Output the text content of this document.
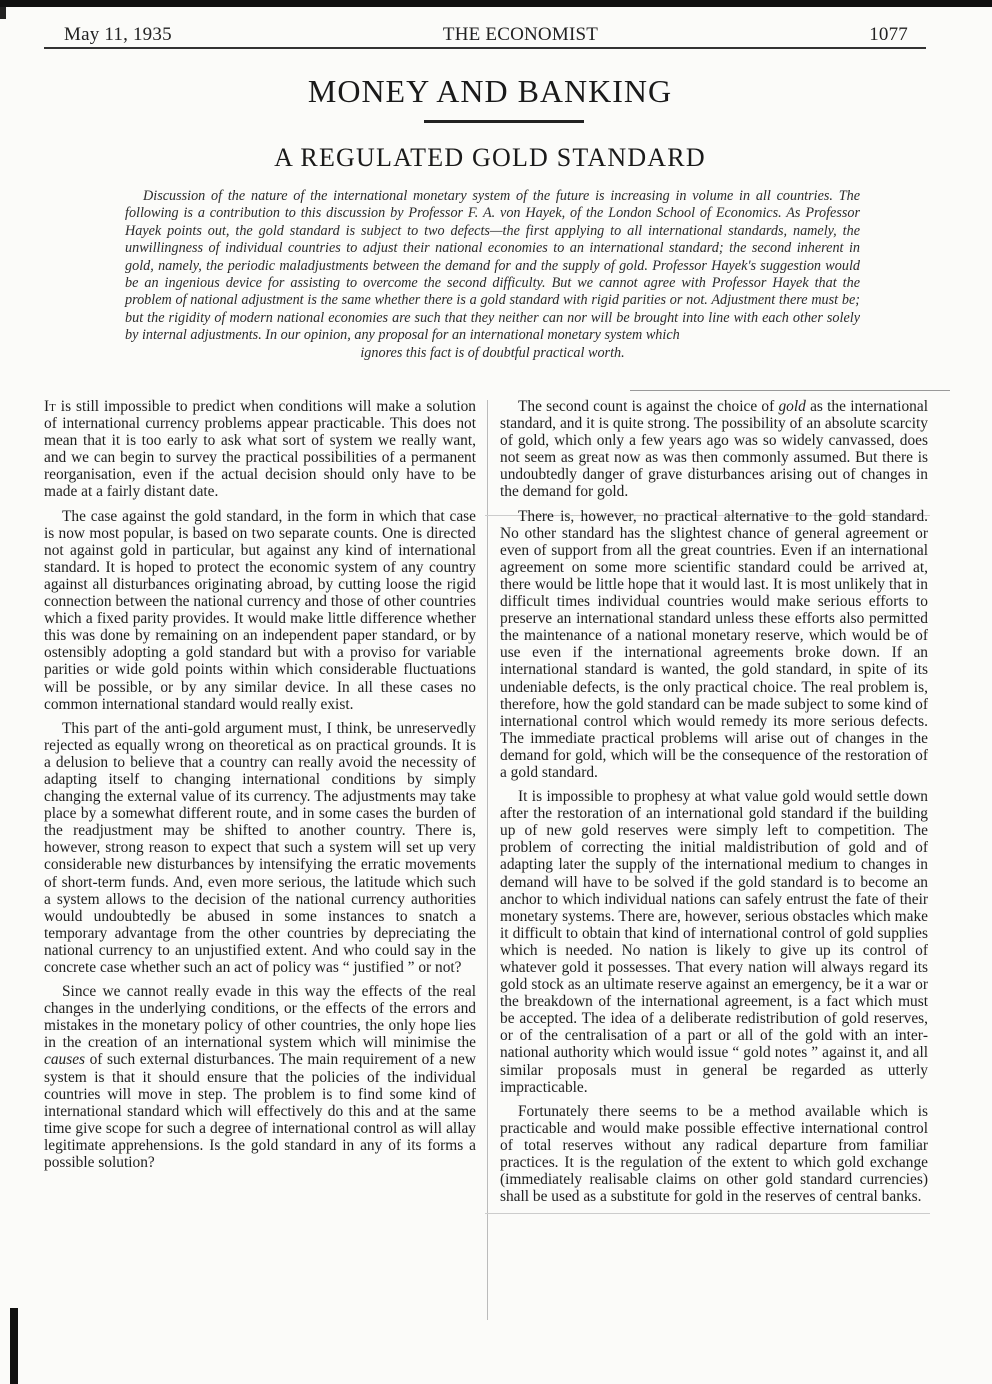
May 11, 1935	THE ECONOMIST	1077
MONEY AND BANKING
A REGULATED GOLD STANDARD
Discussion of the nature of the international monetary system of the future is increasing in volume in all countries. The following is a contribution to this discussion by Professor F. A. von Hayek, of the London School of Economics. As Professor Hayek points out, the gold standard is subject to two defects—the first applying to all international standards, namely, the unwillingness of individual countries to adjust their national economies to an international standard; the second inherent in gold, namely, the periodic maladjustments between the demand for and the supply of gold. Professor Hayek's suggestion would be an ingenious device for assisting to overcome the second difficulty. But we cannot agree with Professor Hayek that the problem of national adjustment is the same whether there is a gold standard with rigid parities or not. Adjustment there must be; but the rigidity of modern national economies are such that they neither can nor will be brought into line with each other solely by internal adjustments. In our opinion, any proposal for an international monetary system which
ignores this fact is of doubtful practical worth.

It is still impossible to predict when conditions will make a solution of international currency problems appear practicable. This does not mean that it is too early to ask what sort of system we really want, and we can begin to survey the practical possibilities of a permanent reorganisation, even if the actual decision should only have to be made at a fairly distant date.

The case against the gold standard, in the form in which that case is now most popular, is based on two separate counts. One is directed not against gold in particular, but against any kind of international standard. It is hoped to protect the economic system of any country against all disturbances originating abroad, by cutting loose the rigid connection between the national currency and those of other countries which a fixed parity provides. It would make little difference whether this was done by remaining on an independent paper standard, or by ostensibly adopting a gold standard but with a proviso for variable parities or wide gold points within which considerable fluctuations will be possible, or by any similar device. In all these cases no common international standard would really exist.

This part of the anti-gold argument must, I think, be unreservedly rejected as equally wrong on theoretical as on practical grounds. It is a delusion to believe that a country can really avoid the necessity of adapting itself to changing international conditions by simply changing the external value of its currency. The adjustments may take place by a somewhat different route, and in some cases the burden of the readjustment may be shifted to another country. There is, however, strong reason to expect that such a system will set up very considerable new disturbances by intensifying the erratic movements of short-term funds. And, even more serious, the latitude which such a system allows to the decision of the national currency authorities would undoubtedly be abused in some instances to snatch a temporary advantage from the other countries by depreciating the national currency to an unjustified extent. And who could say in the concrete case whether such an act of policy was “ justified ” or not?

Since we cannot really evade in this way the effects of the real changes in the underlying conditions, or the effects of the errors and mistakes in the monetary policy of other countries, the only hope lies in the creation of an international system which will minimise the causes of such external disturbances. The main requirement of a new system is that it should ensure that the policies of the individual countries will move in step. The problem is to find some kind of international standard which will effectively do this and at the same time give scope for such a degree of international control as will allay legitimate apprehensions. Is the gold standard in any of its forms a possible solution?

The second count is against the choice of gold as the international standard, and it is quite strong. The possibility of an absolute scarcity of gold, which only a few years ago was so widely canvassed, does not seem as great now as was then commonly assumed. But there is undoubtedly danger of grave disturbances arising out of changes in the demand for gold.

There is, however, no practical alternative to the gold standard. No other standard has the slightest chance of general agreement or even of support from all the great countries. Even if an international agreement on some more scientific standard could be arrived at, there would be little hope that it would last. It is most unlikely that in difficult times individual countries would make serious efforts to preserve an international standard unless these efforts also permitted the maintenance of a national monetary reserve, which would be of use even if the international agreements broke down. If an international standard is wanted, the gold standard, in spite of its undeniable defects, is the only practical choice. The real problem is, therefore, how the gold standard can be made subject to some kind of international control which would remedy its more serious defects. The immediate practical problems will arise out of changes in the demand for gold, which will be the consequence of the restoration of a gold standard.

It is impossible to prophesy at what value gold would settle down after the restoration of an international gold standard if the building up of new gold reserves were simply left to competition. The problem of correcting the initial maldistribution of gold and of adapting later the supply of the international medium to changes in demand will have to be solved if the gold standard is to become an anchor to which individual nations can safely entrust the fate of their monetary systems. There are, however, serious obstacles which make it difficult to obtain that kind of international control of gold supplies which is needed. No nation is likely to give up its control of whatever gold it possesses. That every nation will always regard its gold stock as an ultimate reserve against an emergency, be it a war or the breakdown of the international agreement, is a fact which must be accepted. The idea of a deliberate redistribution of gold reserves, or of the centralisation of a part or all of the gold with an international authority which would issue “ gold notes ” against it, and all similar proposals must in general be regarded as utterly impracticable.

Fortunately there seems to be a method available which is practicable and would make possible effective international control of total reserves without any radical departure from familiar practices. It is the regulation of the extent to which gold exchange (immediately realisable claims on other gold standard currencies) shall be used as a substitute for gold in the reserves of central banks.
